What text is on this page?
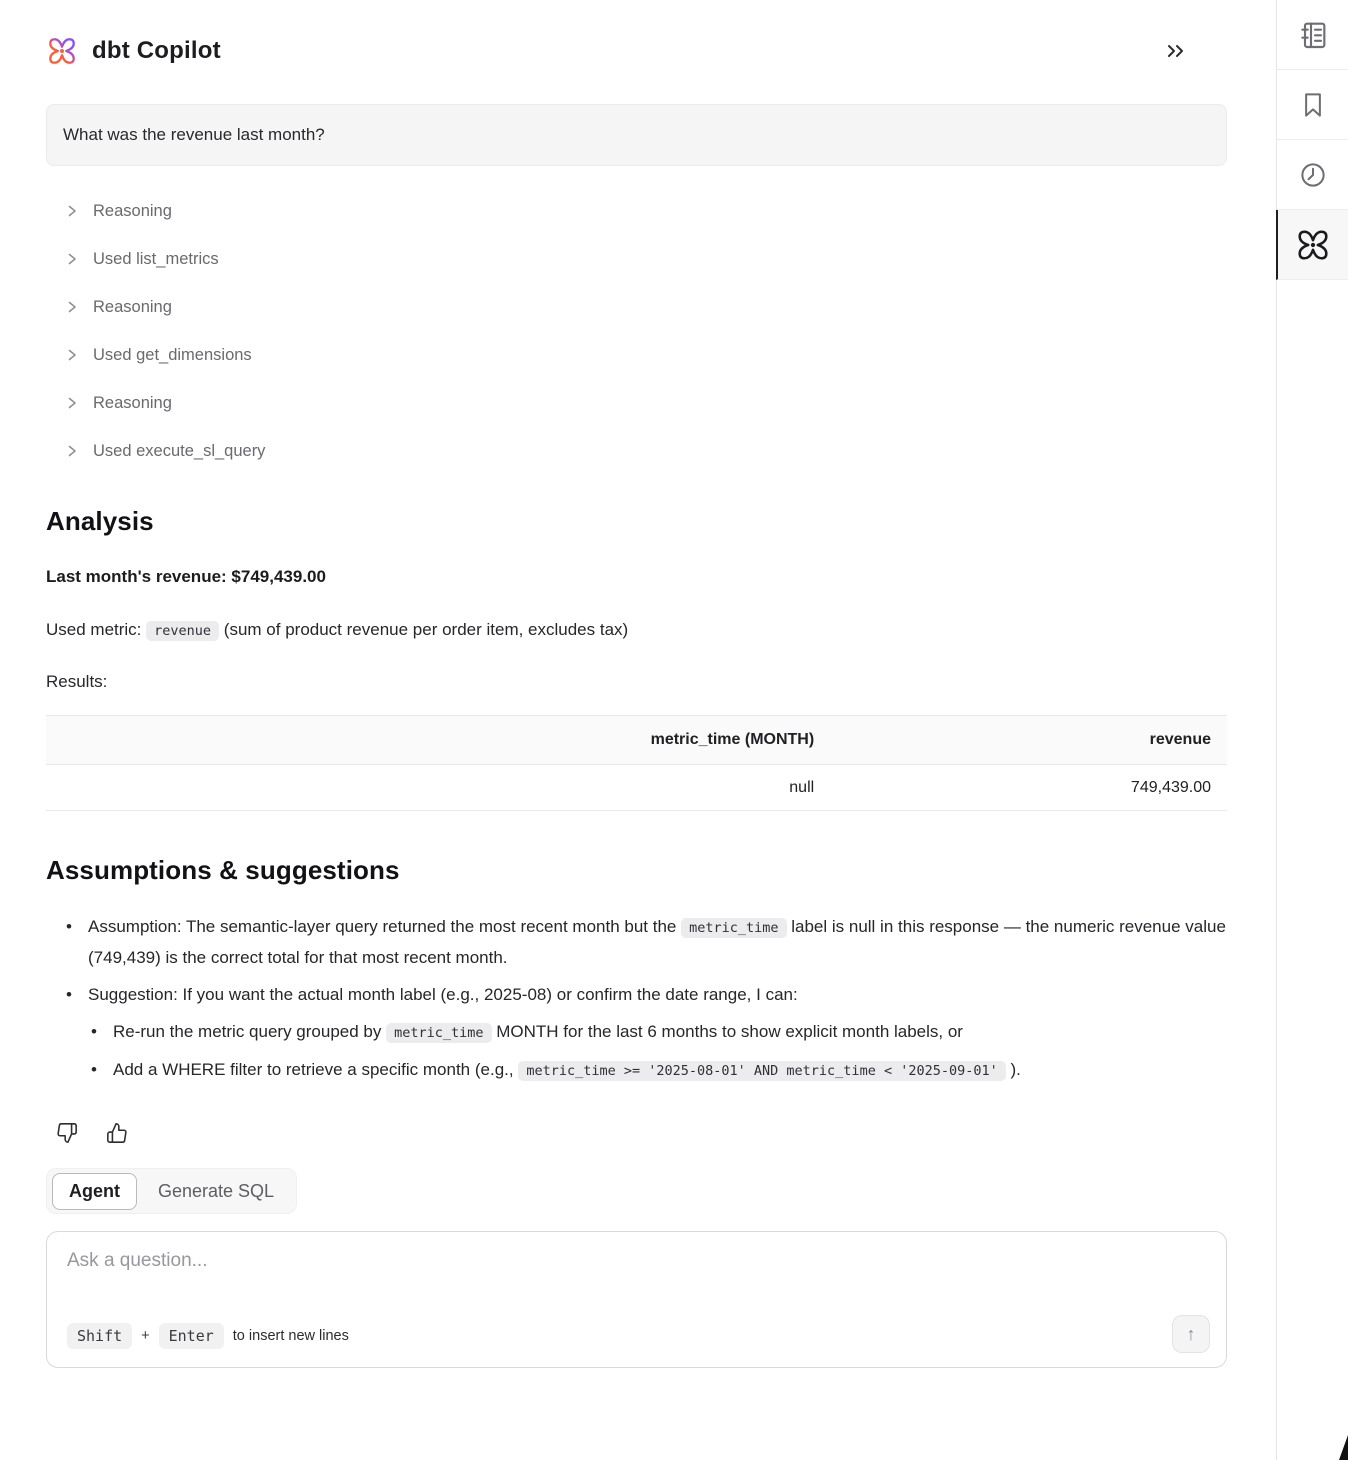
dbt Copilot
What was the revenue last month?
Reasoning
Used list_metrics
Reasoning
Used get_dimensions
Reasoning
Used execute_sl_query
Analysis
Last month's revenue: $749,439.00
Used metric: revenue (sum of product revenue per order item, excludes tax)
Results:
metric_time (MONTH)	revenue
null	749,439.00
Assumptions & suggestions
• Assumption: The semantic-layer query returned the most recent month but the metric_time label is null in this response — the numeric revenue value (749,439) is the correct total for that most recent month.
• Suggestion: If you want the actual month label (e.g., 2025-08) or confirm the date range, I can:
• Re-run the metric query grouped by metric_time MONTH for the last 6 months to show explicit month labels, or
• Add a WHERE filter to retrieve a specific month (e.g., metric_time >= '2025-08-01' AND metric_time < '2025-09-01' ).
Agent	Generate SQL
Ask a question...
Shift	+	Enter	to insert new lines	↑
